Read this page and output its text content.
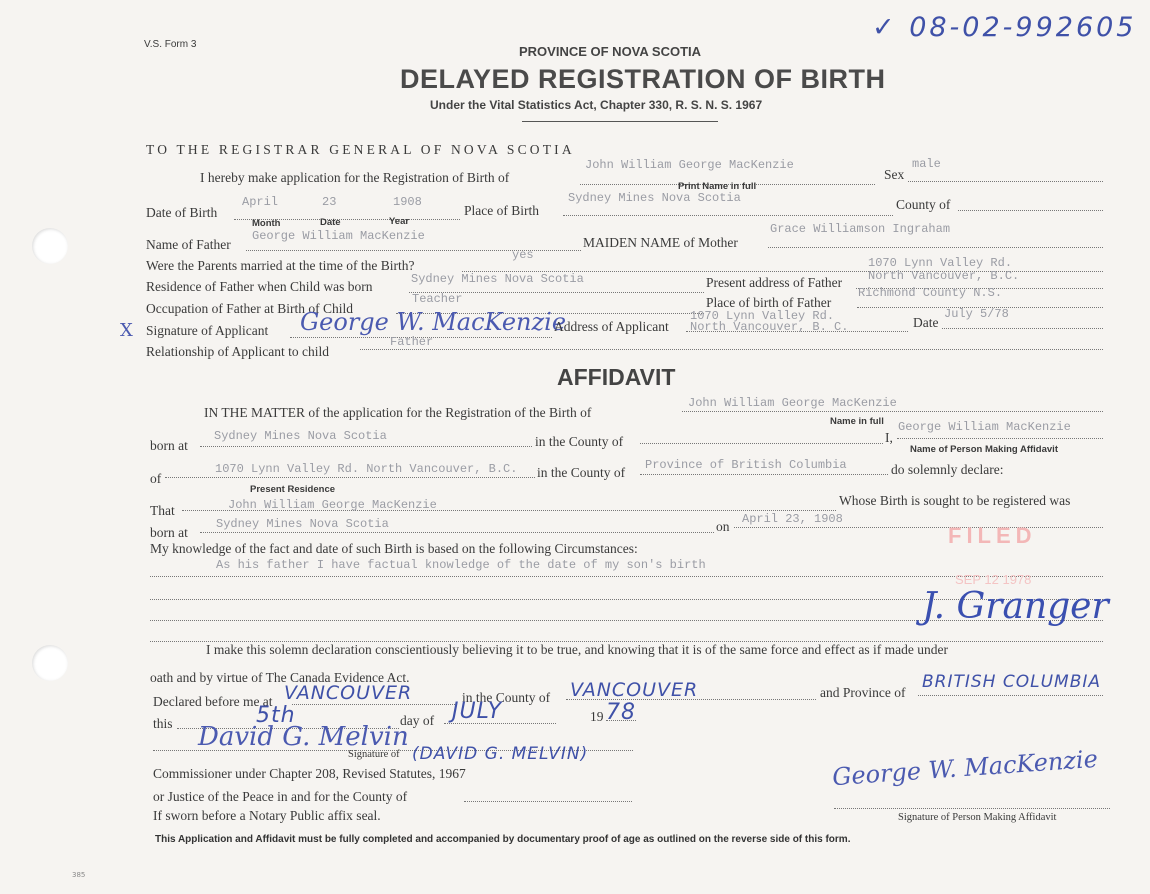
V.S. Form 3
✓ 08-02-992605
PROVINCE OF NOVA SCOTIA
DELAYED REGISTRATION OF BIRTH
Under the Vital Statistics Act, Chapter 330, R. S. N. S. 1967
TO THE REGISTRAR GENERAL OF NOVA SCOTIA
I hereby make application for the Registration of Birth of
John William George MacKenzie
Sex
male
Print Name in full
Date of Birth
April	23	1908
Month	Date	Year
Place of Birth
Sydney Mines Nova Scotia	County of
Name of Father
George William MacKenzie	MAIDEN NAME of Mother
Grace Williamson Ingraham
Were the Parents married at the time of the Birth?
yes
Residence of Father when Child was born	Sydney Mines Nova Scotia	Present address of Father
1070 Lynn Valley Rd.
North Vancouver, B.C.
Occupation of Father at Birth of Child
Teacher	Place of birth of Father
Richmond County N.S.
X Signature of Applicant George W. MacKenzie
Address of Applicant
1070 Lynn Valley Rd.
North Vancouver, B. C.	Date
July 5/78
Relationship of Applicant to child
Father
AFFIDAVIT
IN THE MATTER of the application for the Registration of the Birth of
John William George MacKenzie
Name in full
born at
Sydney Mines Nova Scotia	in the County of	I,
George William MacKenzie
Name of Person Making Affidavit
of
1070 Lynn Valley Rd. North Vancouver, B.C.
Present Residence
in the County of Province of British Columbia	do solemnly declare:
That	John William George MacKenzie	Whose Birth is sought to be registered was
born at
Sydney Mines Nova Scotia	on April 23, 1908
My knowledge of the fact and date of such Birth is based on the following Circumstances:
As his father I have factual knowledge of the date of my son's birth
FILED
SEP 12 1978
J. Granger
I make this solemn declaration conscientiously believing it to be true, and knowing that it is of the same force and effect as if made under
oath and by virtue of The Canada Evidence Act.
Declared before me at VANCOUVER	in the County of VANCOUVER	and Province of
BRITISH COLUMBIA
this	5th	day of JULY	19 78
David G. Melvin
Signature of (DAVID G. MELVIN)
Commissioner under Chapter 208, Revised Statutes, 1967
or Justice of the Peace in and for the County of
If sworn before a Notary Public affix seal.
George W. MacKenzie
Signature of Person Making Affidavit
This Application and Affidavit must be fully completed and accompanied by documentary proof of age as outlined on the reverse side of this form.
385
